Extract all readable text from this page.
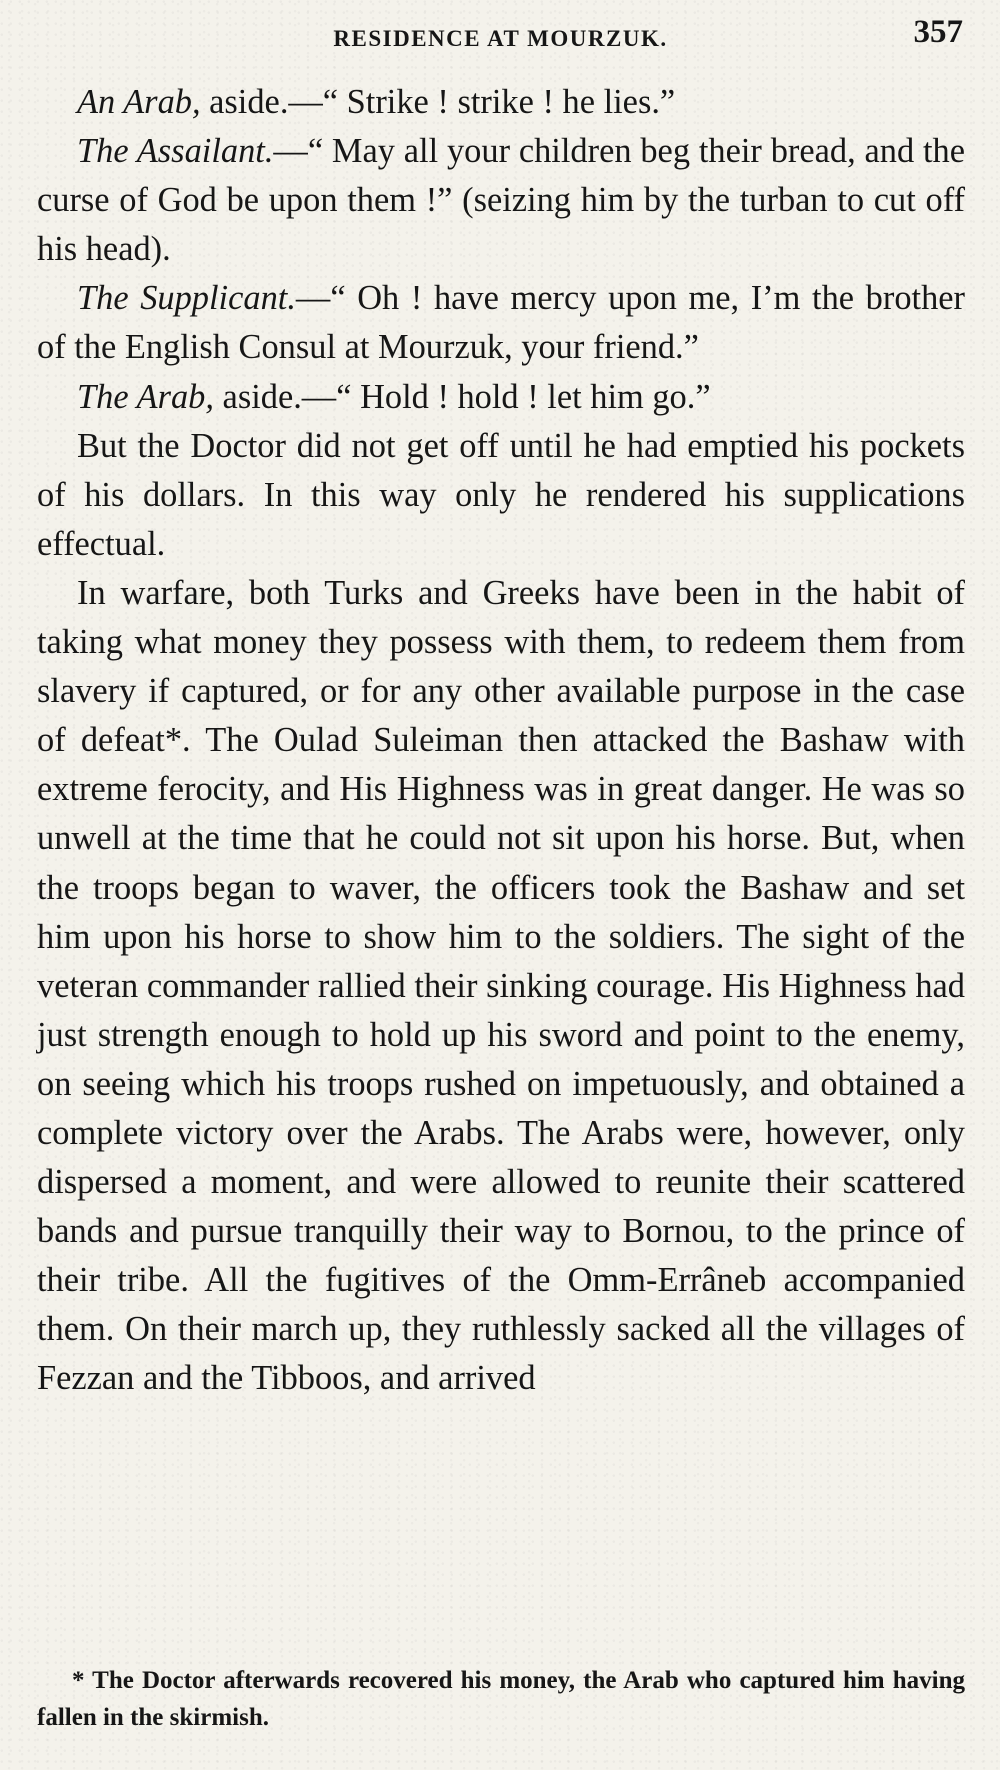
RESIDENCE AT MOURZUK.	357

An Arab, aside.—“ Strike ! strike ! he lies.”

The Assailant.—“ May all your children beg their bread, and the curse of God be upon them !” (seizing him by the turban to cut off his head).

The Supplicant.—“ Oh ! have mercy upon me, I’m the brother of the English Consul at Mourzuk, your friend.”

The Arab, aside.—“ Hold ! hold ! let him go.”

But the Doctor did not get off until he had emptied his pockets of his dollars. In this way only he rendered his supplications effectual.

In warfare, both Turks and Greeks have been in the habit of taking what money they possess with them, to redeem them from slavery if captured, or for any other available purpose in the case of defeat*. The Oulad Suleiman then attacked the Bashaw with extreme ferocity, and His Highness was in great danger. He was so unwell at the time that he could not sit upon his horse. But, when the troops began to waver, the officers took the Bashaw and set him upon his horse to show him to the soldiers. The sight of the veteran commander rallied their sinking courage. His Highness had just strength enough to hold up his sword and point to the enemy, on seeing which his troops rushed on impetuously, and obtained a complete victory over the Arabs. The Arabs were, however, only dispersed a moment, and were allowed to reunite their scattered bands and pursue tranquilly their way to Bornou, to the prince of their tribe. All the fugitives of the Omm-Errâneb accompanied them. On their march up, they ruthlessly sacked all the villages of Fezzan and the Tibboos, and arrived

* The Doctor afterwards recovered his money, the Arab who captured him having fallen in the skirmish.
